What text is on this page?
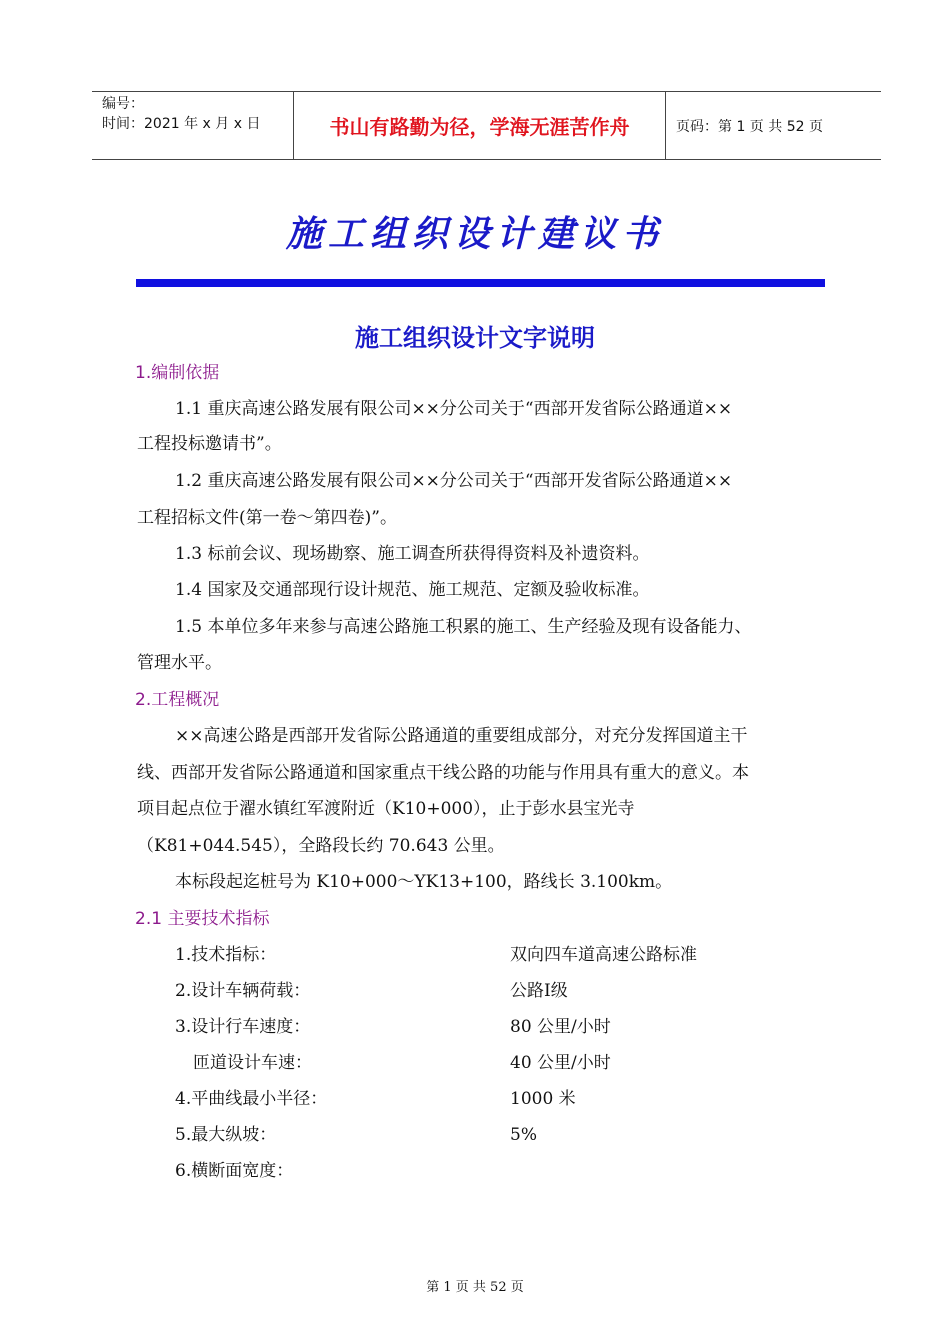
编号：
时间：2021 年 x 月 x 日	书山有路勤为径，学海无涯苦作舟	页码：第 1 页 共 52 页
施工组织设计建议书
施工组织设计文字说明
1.编制依据
1.1 重庆高速公路发展有限公司××分公司关于“西部开发省际公路通道××
工程投标邀请书”。
1.2 重庆高速公路发展有限公司××分公司关于“西部开发省际公路通道××
工程招标文件(第一卷～第四卷)”。
1.3 标前会议、现场勘察、施工调查所获得得资料及补遗资料。
1.4 国家及交通部现行设计规范、施工规范、定额及验收标准。
1.5 本单位多年来参与高速公路施工积累的施工、生产经验及现有设备能力、
管理水平。
2.工程概况
××高速公路是西部开发省际公路通道的重要组成部分，对充分发挥国道主干
线、西部开发省际公路通道和国家重点干线公路的功能与作用具有重大的意义。本
项目起点位于濯水镇红军渡附近（K10+000），止于彭水县宝光寺
（K81+044.545），全路段长约 70.643 公里。
本标段起迄桩号为 K10+000～YK13+100，路线长 3.100km。
2.1 主要技术指标
1.技术指标：	双向四车道高速公路标准
2.设计车辆荷载：	公路Ⅰ级
3.设计行车速度：	80 公里/小时
匝道设计车速：	40 公里/小时
4.平曲线最小半径：	1000 米
5.最大纵坡：	5%
6.横断面宽度：
第 1 页 共 52 页
